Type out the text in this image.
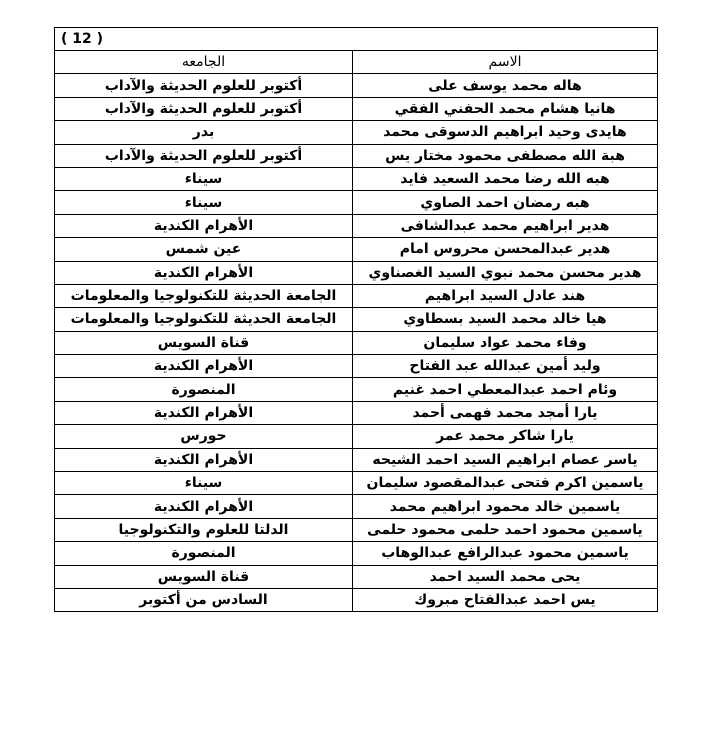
( 12 )	
الجامعه	الاسم
أكتوبر للعلوم الحديثة والآداب	هاله محمد يوسف على
أكتوبر للعلوم الحديثة والآداب	هانيا هشام محمد الحفني الفقي
بدر	هايدى وحيد ابراهيم الدسوقى محمد
أكتوبر للعلوم الحديثة والآداب	هبة الله مصطفى محمود مختار يس
سيناء	هبه الله رضا محمد السعيد فايد
سيناء	هبه رمضان احمد الصاوي
الأهرام الكندية	هدير ابراهيم محمد عبدالشافى
عين شمس	هدير عبدالمحسن محروس امام
الأهرام الكندية	هدير محسن محمد نبوي السيد الغصناوي
الجامعة الحديثة للتكنولوجيا والمعلومات	هند عادل السيد ابراهيم
الجامعة الحديثة للتكنولوجيا والمعلومات	هيا خالد محمد السيد بسطاوي
قناة السويس	وفاء محمد عواد سليمان
الأهرام الكندية	وليد أمين عبدالله عبد الفتاح
المنصورة	وئام احمد عبدالمعطي احمد غنيم
الأهرام الكندية	يارا أمجد محمد فهمى أحمد
حورس	يارا شاكر محمد عمر
الأهرام الكندية	ياسر عصام ابراهيم السيد احمد الشيحه
سيناء	ياسمين اكرم فتحى عبدالمقصود سليمان
الأهرام الكندية	ياسمين خالد محمود ابراهيم محمد
الدلتا للعلوم والتكنولوجيا	ياسمين محمود احمد حلمى محمود حلمى
المنصورة	ياسمين محمود عبدالرافع عبدالوهاب
قناة السويس	يحى محمد السيد احمد
السادس من أكتوبر	يس احمد عبدالفتاح مبروك
